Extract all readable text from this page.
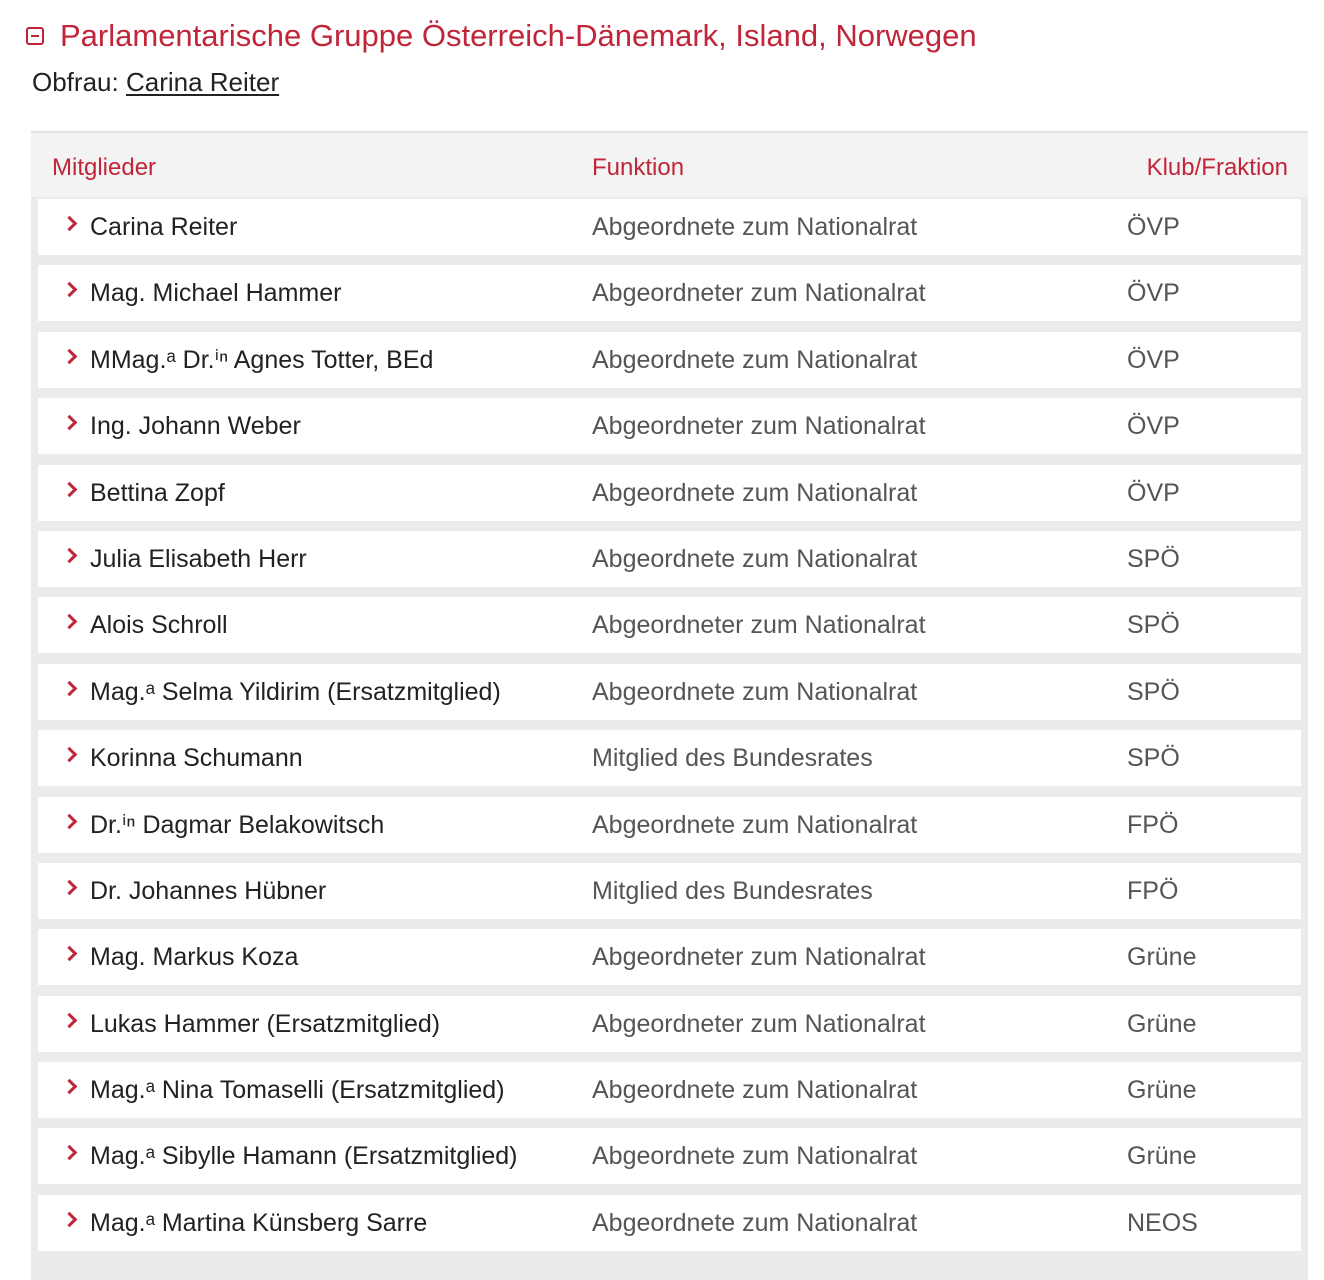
Parlamentarische Gruppe Österreich-Dänemark, Island, Norwegen
Obfrau: Carina Reiter
Mitglieder	Funktion	Klub/Fraktion
Carina Reiter	Abgeordnete zum Nationalrat	ÖVP
Mag. Michael Hammer	Abgeordneter zum Nationalrat	ÖVP
MMag.ᵃ Dr.ⁱⁿ Agnes Totter, BEd	Abgeordnete zum Nationalrat	ÖVP
Ing. Johann Weber	Abgeordneter zum Nationalrat	ÖVP
Bettina Zopf	Abgeordnete zum Nationalrat	ÖVP
Julia Elisabeth Herr	Abgeordnete zum Nationalrat	SPÖ
Alois Schroll	Abgeordneter zum Nationalrat	SPÖ
Mag.ᵃ Selma Yildirim (Ersatzmitglied)	Abgeordnete zum Nationalrat	SPÖ
Korinna Schumann	Mitglied des Bundesrates	SPÖ
Dr.ⁱⁿ Dagmar Belakowitsch	Abgeordnete zum Nationalrat	FPÖ
Dr. Johannes Hübner	Mitglied des Bundesrates	FPÖ
Mag. Markus Koza	Abgeordneter zum Nationalrat	Grüne
Lukas Hammer (Ersatzmitglied)	Abgeordneter zum Nationalrat	Grüne
Mag.ᵃ Nina Tomaselli (Ersatzmitglied)	Abgeordnete zum Nationalrat	Grüne
Mag.ᵃ Sibylle Hamann (Ersatzmitglied)	Abgeordnete zum Nationalrat	Grüne
Mag.ᵃ Martina Künsberg Sarre	Abgeordnete zum Nationalrat	NEOS
